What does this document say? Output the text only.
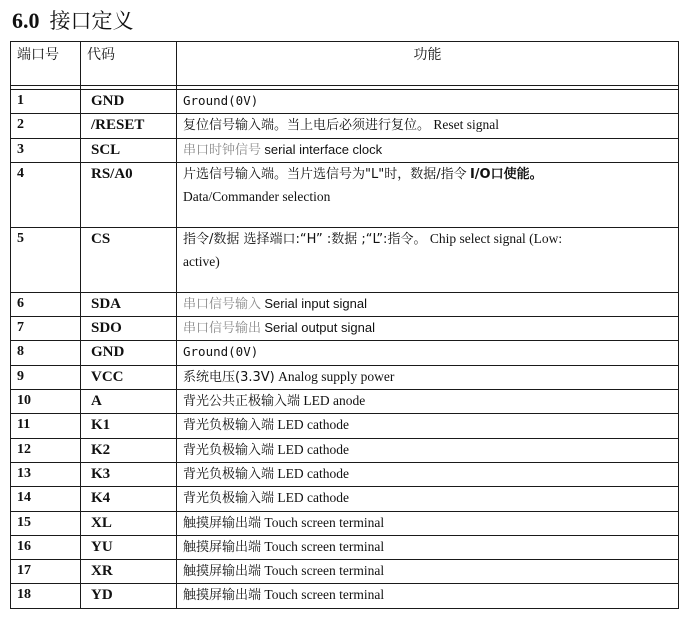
6.0 接口定义
端口号	代码	功能

1	GND	Ground(0V)
2	/RESET	复位信号输入端。当上电后必须进行复位。 Reset signal
3	SCL	串口时钟信号 serial interface clock
4	RS/A0	片选信号输入端。当片选信号为"L"时，数据/指令 I/O口使能。
Data/Commander selection
5	CS	指令/数据 选择端口:“H” :数据 ;“L”:指令。 Chip select signal (Low:
active)
6	SDA	串口信号输入 Serial input signal
7	SDO	串口信号输出 Serial output signal
8	GND	Ground(0V)
9	VCC	系统电压(3.3V) Analog supply power
10	A	背光公共正极输入端 LED anode
11	K1	背光负极输入端 LED cathode
12	K2	背光负极输入端 LED cathode
13	K3	背光负极输入端 LED cathode
14	K4	背光负极输入端 LED cathode
15	XL	触摸屏输出端 Touch screen terminal
16	YU	触摸屏输出端 Touch screen terminal
17	XR	触摸屏输出端 Touch screen terminal
18	YD	触摸屏输出端 Touch screen terminal
